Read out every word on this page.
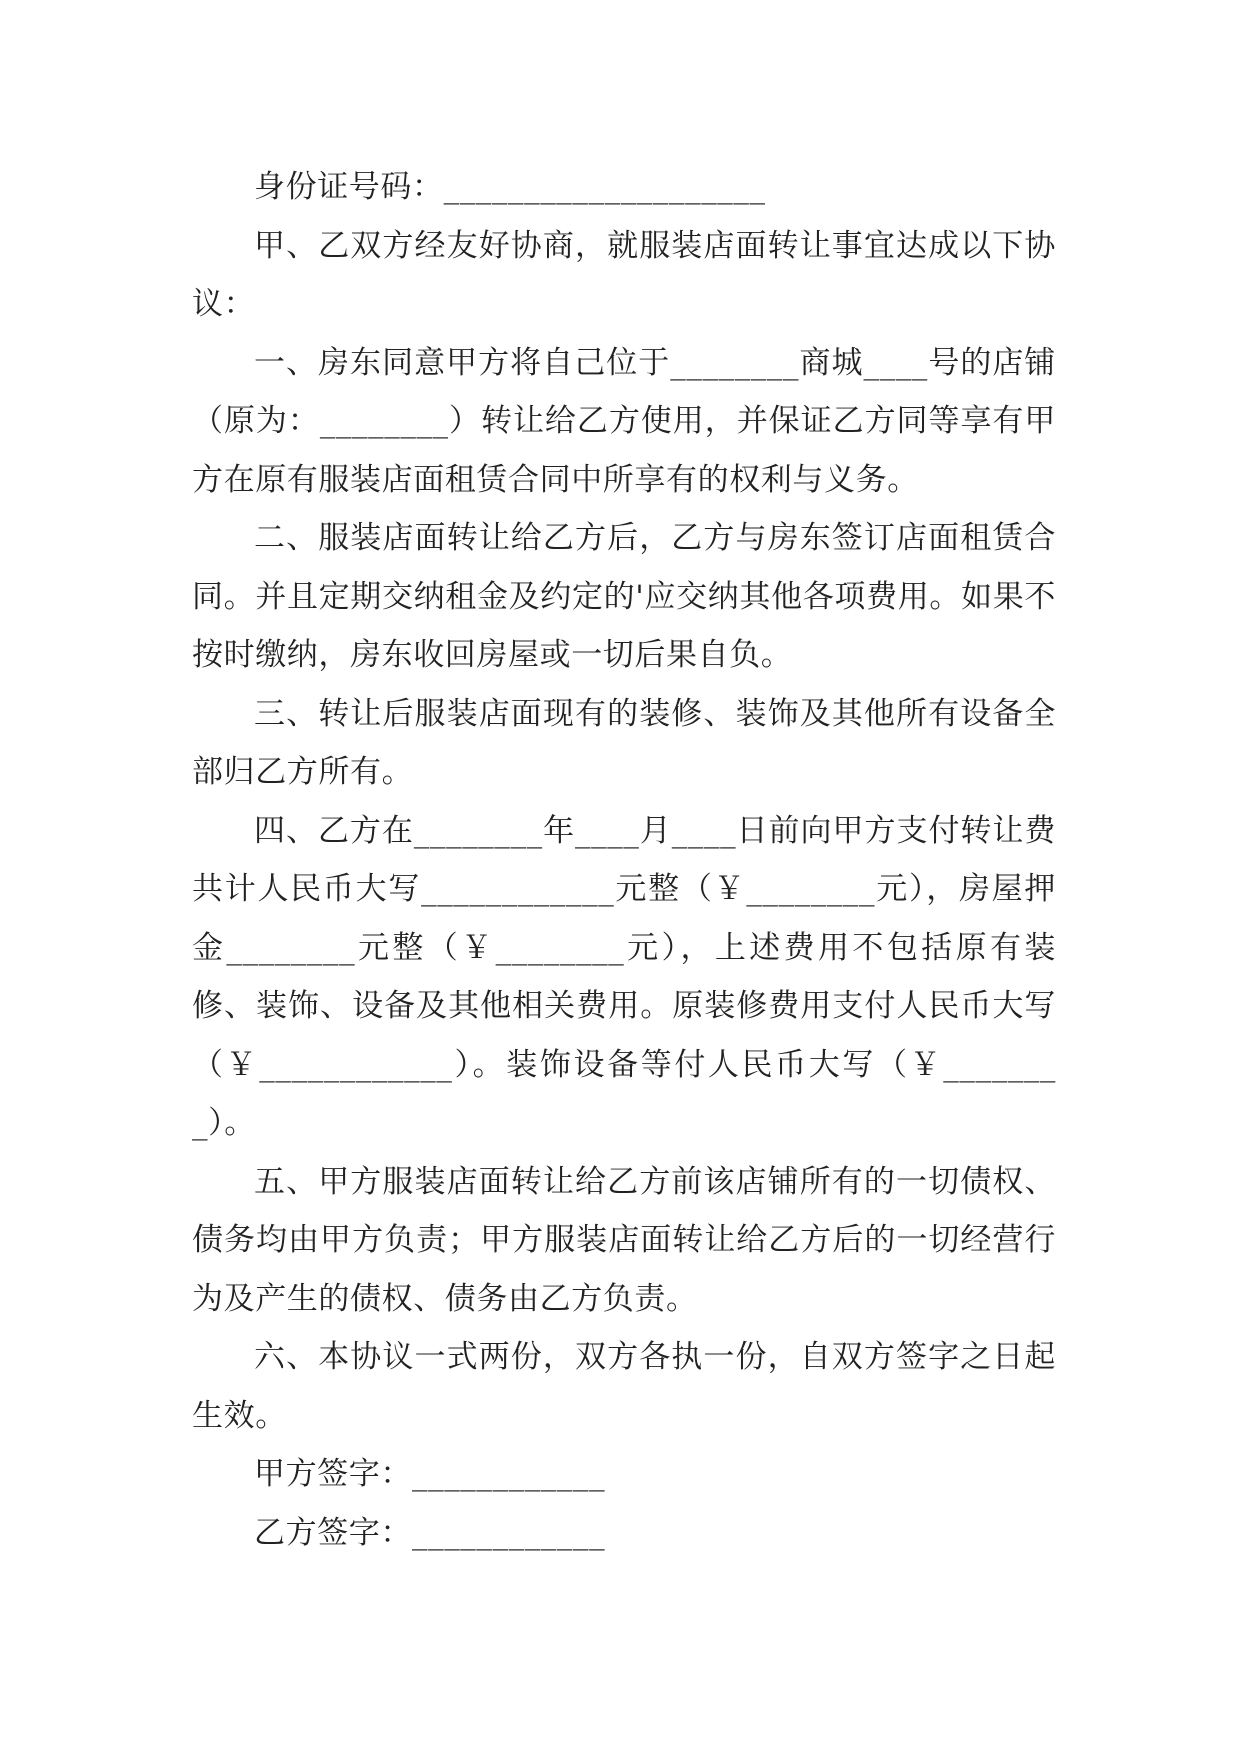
身份证号码：____________________

甲、乙双方经友好协商，就服装店面转让事宜达成以下协议：

一、房东同意甲方将自己位于________商城____号的店铺（原为：________）转让给乙方使用，并保证乙方同等享有甲方在原有服装店面租赁合同中所享有的权利与义务。

二、服装店面转让给乙方后，乙方与房东签订店面租赁合同。并且定期交纳租金及约定的'应交纳其他各项费用。如果不按时缴纳，房东收回房屋或一切后果自负。

三、转让后服装店面现有的装修、装饰及其他所有设备全部归乙方所有。

四、乙方在________年____月____日前向甲方支付转让费共计人民币大写____________元整（￥________元），房屋押金________元整（￥________元），上述费用不包括原有装修、装饰、设备及其他相关费用。原装修费用支付人民币大写（￥____________）。装饰设备等付人民币大写（￥________）。

五、甲方服装店面转让给乙方前该店铺所有的一切债权、债务均由甲方负责；甲方服装店面转让给乙方后的一切经营行为及产生的债权、债务由乙方负责。

六、本协议一式两份，双方各执一份，自双方签字之日起生效。

甲方签字：____________

乙方签字：____________
